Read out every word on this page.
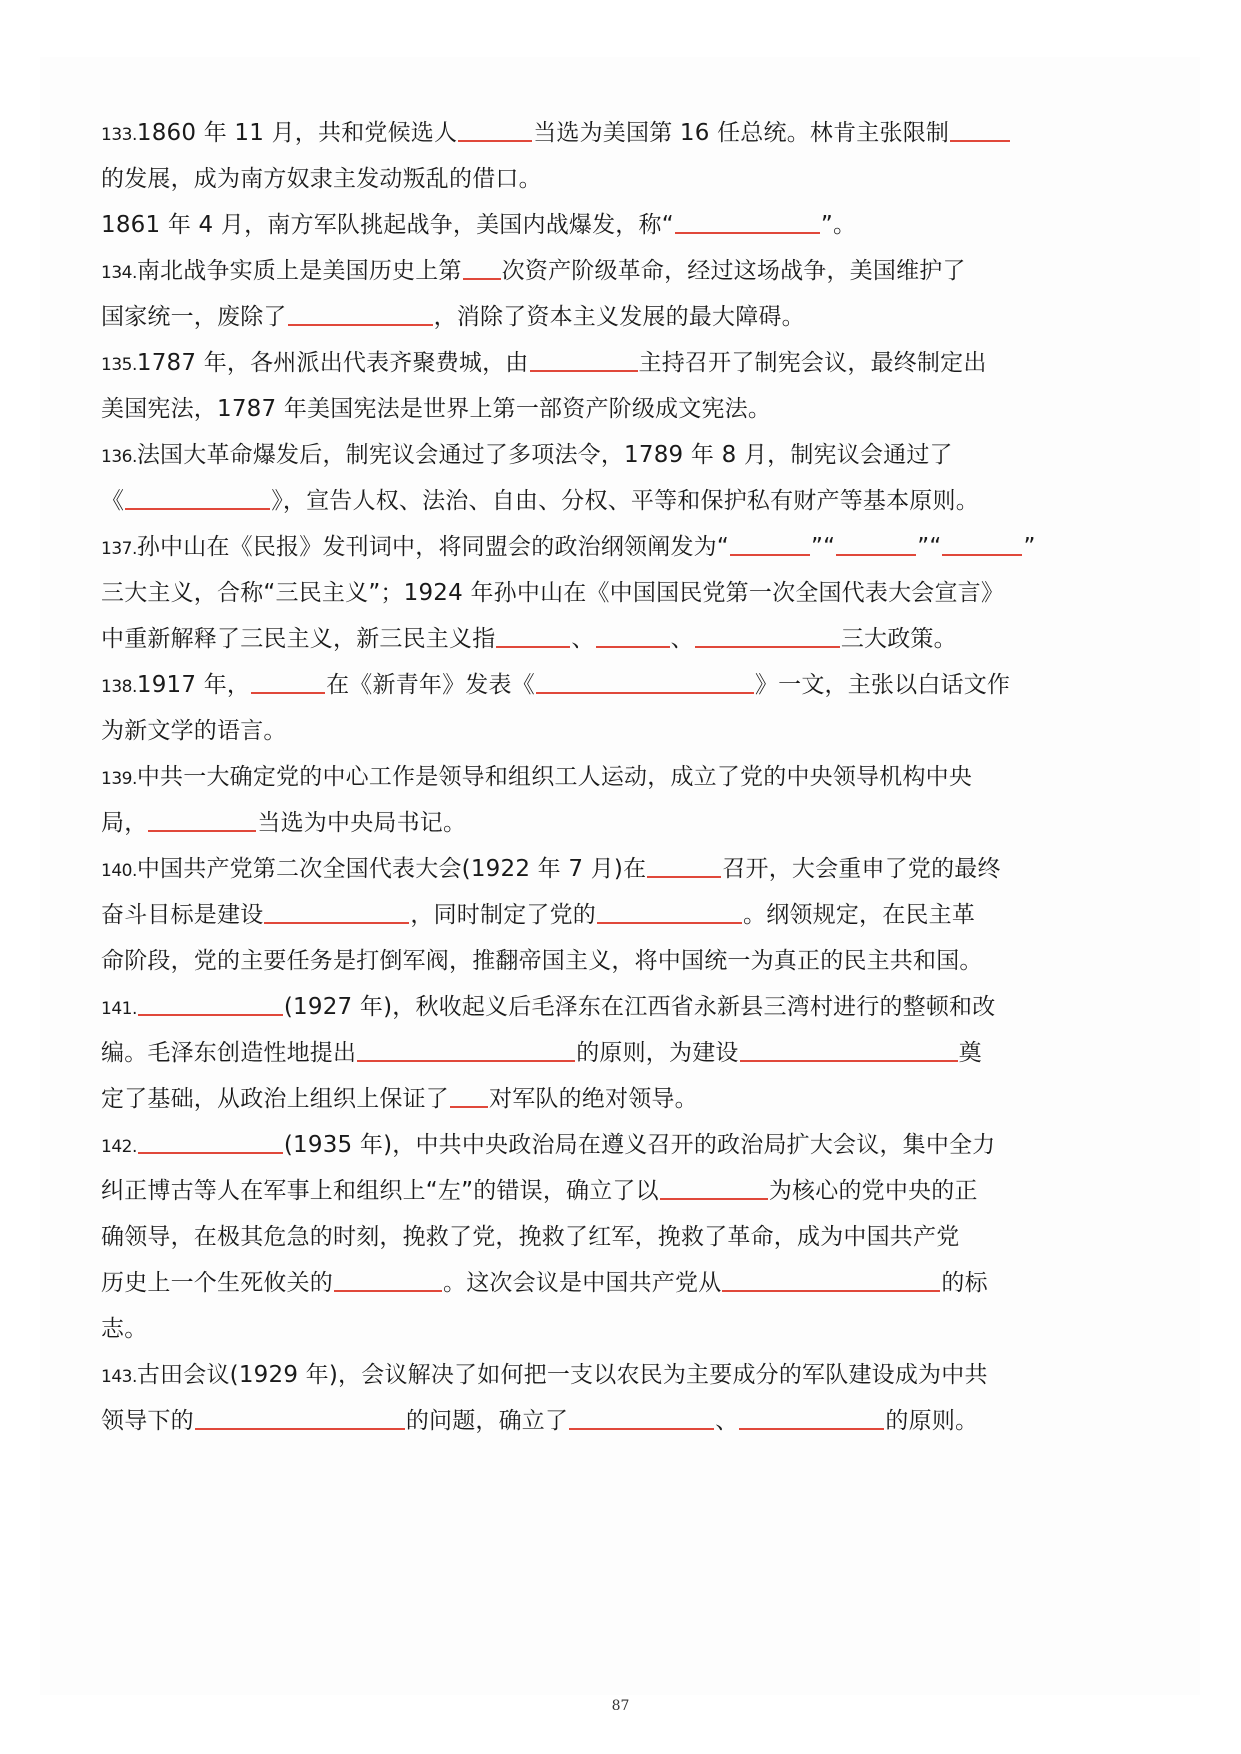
133.1860 年 11 月，共和党候选人	当选为美国第 16 任总统。林肯主张限制
的发展，成为南方奴隶主发动叛乱的借口。
1861 年 4 月，南方军队挑起战争，美国内战爆发，称“	”。
134.南北战争实质上是美国历史上第 次资产阶级革命，经过这场战争，美国维护了
国家统一，废除了	，消除了资本主义发展的最大障碍。
135.1787 年，各州派出代表齐聚费城，由	主持召开了制宪会议，最终制定出
美国宪法，1787 年美国宪法是世界上第一部资产阶级成文宪法。
136.法国大革命爆发后，制宪议会通过了多项法令，1789 年 8 月，制宪议会通过了
《	》，宣告人权、法治、自由、分权、平等和保护私有财产等基本原则。
137.孙中山在《民报》发刊词中，将同盟会的政治纲领阐发为“	”“	”“	”
三大主义，合称“三民主义”；1924 年孙中山在《中国国民党第一次全国代表大会宣言》
中重新解释了三民主义，新三民主义指	、	、	三大政策。
138.1917 年，	在《新青年》发表《	》一文，主张以白话文作
为新文学的语言。
139.中共一大确定党的中心工作是领导和组织工人运动，成立了党的中央领导机构中央
局，	当选为中央局书记。
140.中国共产党第二次全国代表大会(1922 年 7 月)在	召开，大会重申了党的最终
奋斗目标是建设	，同时制定了党的	。纲领规定，在民主革
命阶段，党的主要任务是打倒军阀，推翻帝国主义，将中国统一为真正的民主共和国。
141.	(1927 年)，秋收起义后毛泽东在江西省永新县三湾村进行的整顿和改
编。毛泽东创造性地提出	的原则，为建设	奠
定了基础，从政治上组织上保证了 对军队的绝对领导。
142.	(1935 年)，中共中央政治局在遵义召开的政治局扩大会议，集中全力
纠正博古等人在军事上和组织上“左”的错误，确立了以	为核心的党中央的正
确领导，在极其危急的时刻，挽救了党，挽救了红军，挽救了革命，成为中国共产党
历史上一个生死攸关的	。这次会议是中国共产党从	的标
志。
143.古田会议(1929 年)，会议解决了如何把一支以农民为主要成分的军队建设成为中共
领导下的	的问题，确立了	、	的原则。
87
